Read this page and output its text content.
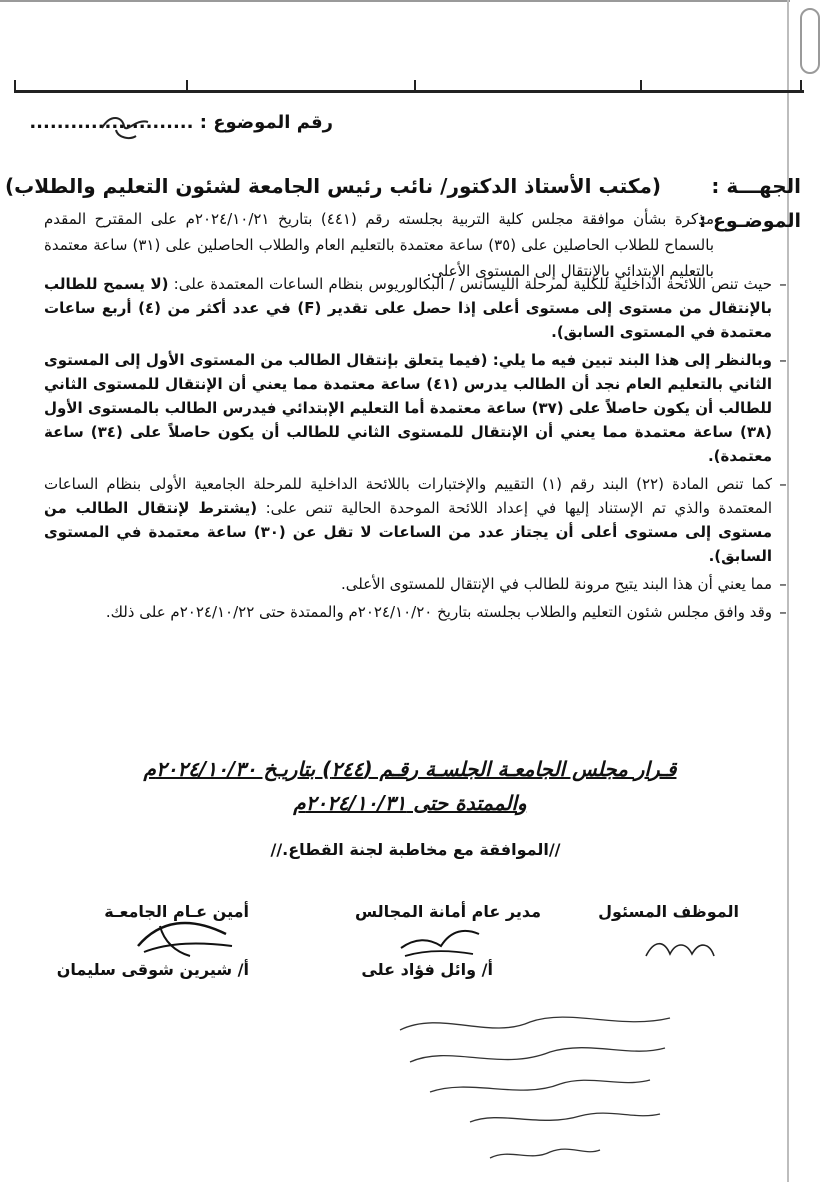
رقم الموضوع : ........................
الجهـــة :
(مكتب الأستاذ الدكتور/ نائب رئيس الجامعة لشئون التعليم والطلاب)
الموضـوع :

مذكرة بشأن موافقة مجلس كلية التربية بجلسته رقم (٤٤١) بتاريخ ٢٠٢٤/١٠/٢١م على المقترح المقدم بالسماح للطلاب الحاصلين على (٣٥) ساعة معتمدة بالتعليم العام والطلاب الحاصلين على (٣١) ساعة معتمدة بالتعليم الإبتدائي بالإنتقال إلى المستوى الأعلى.

–
حيث تنص اللائحة الداخلية للكلية لمرحلة الليسانس / البكالوريوس بنظام الساعات المعتمدة على: (لا يسمح للطالب بالإنتقال من مستوى إلى مستوى أعلى إذا حصل على تقدير (F) في عدد أكثر من (٤) أربع ساعات معتمدة في المستوى السابق).
–
وبالنظر إلى هذا البند تبين فيه ما يلي: (فيما يتعلق بإنتقال الطالب من المستوى الأول إلى المستوى الثاني بالتعليم العام نجد أن الطالب يدرس (٤١) ساعة معتمدة مما يعني أن الإنتقال للمستوى الثاني للطالب أن يكون حاصلاً على (٣٧) ساعة معتمدة أما التعليم الإبتدائي فيدرس الطالب بالمستوى الأول (٣٨) ساعة معتمدة مما يعني أن الإنتقال للمستوى الثاني للطالب أن يكون حاصلاً على (٣٤) ساعة معتمدة).
–
كما تنص المادة (٢٢) البند رقم (١) التقييم والإختبارات باللائحة الداخلية للمرحلة الجامعية الأولى بنظام الساعات المعتمدة والذي تم الإستناد إليها في إعداد اللائحة الموحدة الحالية تنص على: (يشترط لإنتقال الطالب من مستوى إلى مستوى أعلى أن يجتاز عدد من الساعات لا تقل عن (٣٠) ساعة معتمدة في المستوى السابق).
–
مما يعني أن هذا البند يتيح مرونة للطالب في الإنتقال للمستوى الأعلى.
–
وقد وافق مجلس شئون التعليم والطلاب بجلسته بتاريخ ٢٠٢٤/١٠/٢٠م والممتدة حتى ٢٠٢٤/١٠/٢٢م على ذلك.
قـرار مجلس الجامعـة الجلسـة رقـم (٢٤٤) بتاريـخ ٢٠٢٤/١٠/٣٠م
والممتدة حتى ٢٠٢٤/١٠/٣١م
//الموافقة مع مخاطبة لجنة القطاع.//
أمين عـام الجامعـة	مدير عام أمانة المجالس	الموظف المسئول
أ/ شيرين شوقى سليمان	أ/ وائل فؤاد على
